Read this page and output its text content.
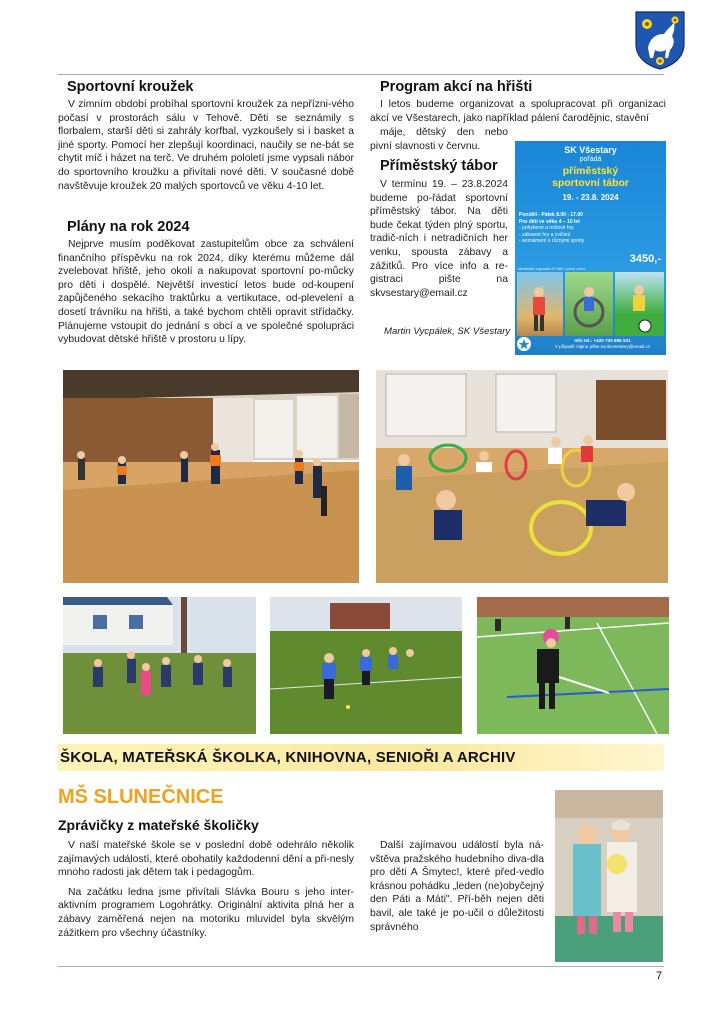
Sportovní kroužek

V zimním období probíhal sportovní kroužek za nepřízni-vého počasí v prostorách sálu v Tehově. Děti se seznámily s florbalem, starší děti si zahrály korfbal, vyzkoušely si i basket a jiné sporty. Pomocí her zlepšují koordinaci, naučily se ne-bát se chytit míč i házet na terč. Ve druhém pololetí jsme vypsali nábor do sportovního kroužku a přivítali nové děti. V současné době navštěvuje kroužek 20 malých sportovců ve věku 4-10 let.

Plány na rok 2024

Nejprve musím poděkovat zastupitelům obce za schválení finančního příspěvku na rok 2024, díky kterému můžeme dál zvelebovat hřiště, jeho okolí a nakupovat sportovní po-můcky pro děti i dospělé. Největší investicí letos bude od-koupení zapůjčeného sekacího traktůrku a vertikutace, od-plevelení a dosetí trávníku na hřišti, a také bychom chtěli opravit střídačky. Plánujeme vstoupit do jednání s obcí a ve společné spolupráci vybudovat dětské hřiště v prostoru u lípy.

Program akcí na hřišti

I letos budeme organizovat a spolupracovat při organizaci akcí ve Všestarech, jako například pálení čarodějnic, stavění

máje, dětský den nebo pivní slavnosti v červnu.

Příměstský tábor

V termínu 19. – 23.8.2024 budeme po-řádat sportovní příměstský tábor. Na děti bude čekat týden plný sportu, tradič-ních i netradičních her venku, spousta zábavy a zážitků. Pro více info a re-gistraci pište na skvsestary@email.cz

Martin Vycpálek, SK Všestary
SK Všestary
pořádá
příměstský
sportovní tábor
19. - 23.8. 2024
Pondělí - Pátek 8.00 - 17.00
Pro děti ve věku 4 – 10 let
- pohybové a míčové hry
- zábavné hry a cvičení
- seznámení s různými sporty
3450,-
Maximální kapacita 20 dětí • první volno
Info tel.: +420 730 896 531
V případě zájmu pište na skvsestary@email.cz
ŠKOLA, MATEŘSKÁ ŠKOLKA, KNIHOVNA, SENIOŘI A ARCHIV
MŠ SLUNEČNICE
Zprávičky z mateřské školičky

V naší mateřské škole se v poslední době odehrálo několik zajímavých událostí, které obohatily každodenní dění a při-nesly mnoho radosti jak dětem tak i pedagogům.

Na začátku ledna jsme přivítali Slávka Bouru s jeho inter-aktivním programem Logohrátky. Originální aktivita plná her a zábavy zaměřená nejen na motoriku mluvidel byla skvělým zážitkem pro všechny účastníky.

Další zajímavou událostí byla ná-vštěva pražského hudebního diva-dla pro děti A Šmytec!, které před-vedlo krásnou pohádku „leden (ne)obyčejný den Páti a Máti". Pří-běh nejen děti bavil, ale také je po-učil o důležitosti správného

7
